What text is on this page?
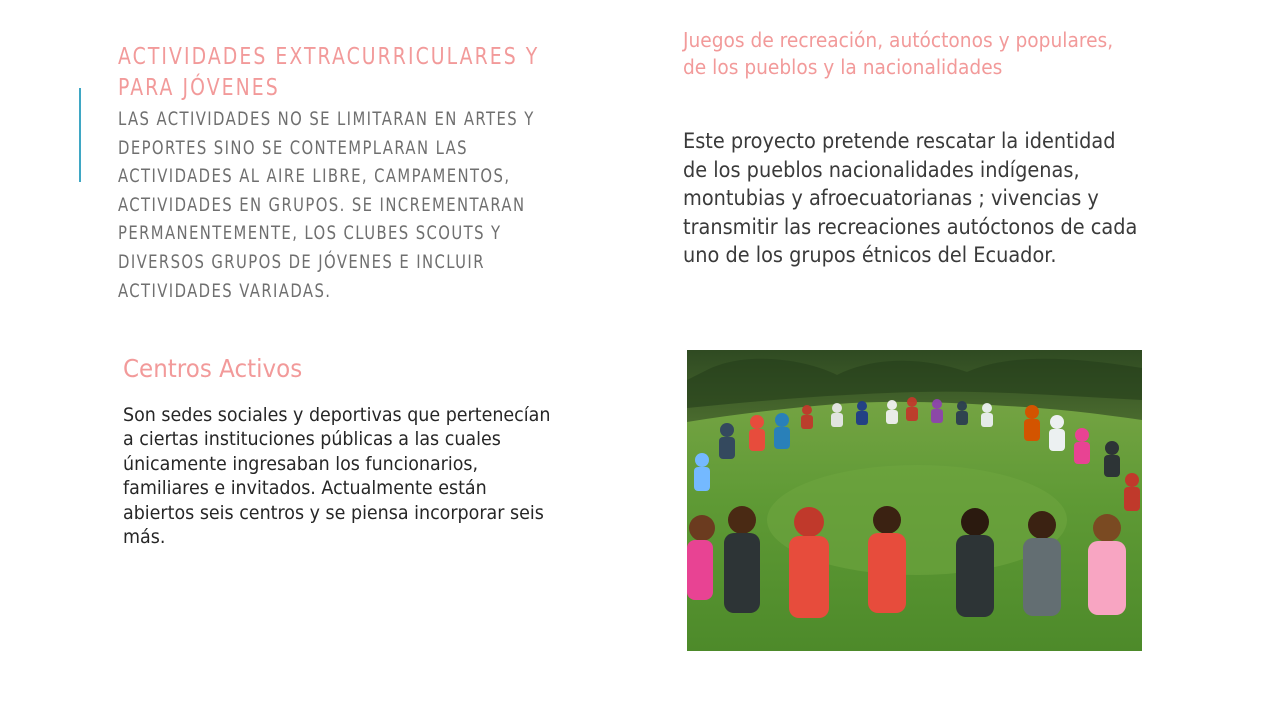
ACTIVIDADES EXTRACURRICULARES Y PARA JÓVENES
LAS ACTIVIDADES NO SE LIMITARAN EN ARTES Y DEPORTES SINO SE CONTEMPLARAN LAS ACTIVIDADES AL AIRE LIBRE, CAMPAMENTOS, ACTIVIDADES EN GRUPOS. SE INCREMENTARAN PERMANENTEMENTE, LOS CLUBES SCOUTS Y DIVERSOS GRUPOS DE JÓVENES E INCLUIR ACTIVIDADES VARIADAS.
Centros Activos

Son sedes sociales y deportivas que pertenecían a ciertas instituciones públicas a las cuales únicamente ingresaban los funcionarios, familiares e invitados. Actualmente están abiertos seis centros y se piensa incorporar seis más.

Juegos de recreación, autóctonos y populares, de los pueblos y la nacionalidades

Este proyecto pretende rescatar la identidad de los pueblos nacionalidades indígenas, montubias y afroecuatorianas ; vivencias y transmitir las recreaciones autóctonos de cada uno de los grupos étnicos del Ecuador.
